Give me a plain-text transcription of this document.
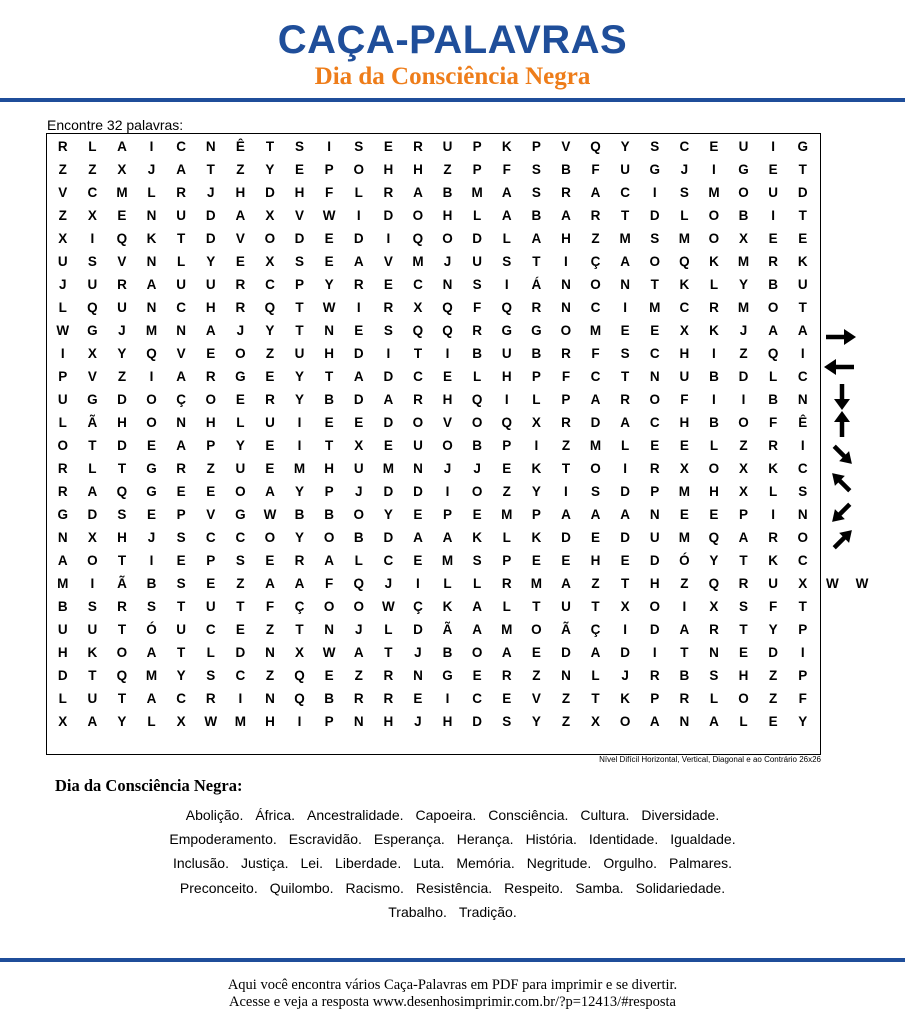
CAÇA-PALAVRAS
Dia da Consciência Negra
Encontre 32 palavras:
R	L	A	I	C	N	Ê	T	S	I	S	E	R	U	P	K	P	V	Q	Y	S	C	E	U	I	G
Z	Z	X	J	A	T	Z	Y	E	P	O	H	H	Z	P	F	S	B	F	U	G	J	I	G	E	T
V	C	M	L	R	J	H	D	H	F	L	R	A	B	M	A	S	R	A	C	I	S	M	O	U	D
Z	X	E	N	U	D	A	X	V	W	I	D	O	H	L	A	B	A	R	T	D	L	O	B	I	T
X	I	Q	K	T	D	V	O	D	E	D	I	Q	O	D	L	A	H	Z	M	S	M	O	X	E	E
U	S	V	N	L	Y	E	X	S	E	A	V	M	J	U	S	T	I	Ç	A	O	Q	K	M	R	K
J	U	R	A	U	U	R	C	P	Y	R	E	C	N	S	I	Á	N	O	N	T	K	L	Y	B	U
L	Q	U	N	C	H	R	Q	T	W	I	R	X	Q	F	Q	R	N	C	I	M	C	R	M	O	T
W	G	J	M	N	A	J	Y	T	N	E	S	Q	Q	R	G	G	O	M	E	E	X	K	J	A	A
I	X	Y	Q	V	E	O	Z	U	H	D	I	T	I	B	U	B	R	F	S	C	H	I	Z	Q	I
P	V	Z	I	A	R	G	E	Y	T	A	D	C	E	L	H	P	F	C	T	N	U	B	D	L	C
U	G	D	O	Ç	O	E	R	Y	B	D	A	R	H	Q	I	L	P	A	R	O	F	I	I	B	N
L	Ã	H	O	N	H	L	U	I	E	E	D	O	V	O	Q	X	R	D	A	C	H	B	O	F	Ê
O	T	D	E	A	P	Y	E	I	T	X	E	U	O	B	P	I	Z	M	L	E	E	L	Z	R	I
R	L	T	G	R	Z	U	E	M	H	U	M	N	J	J	E	K	T	O	I	R	X	O	X	K	C
R	A	Q	G	E	E	O	A	Y	P	J	D	D	I	O	Z	Y	I	S	D	P	M	H	X	L	S
G	D	S	E	P	V	G	W	B	B	O	Y	E	P	E	M	P	A	A	A	N	E	E	P	I	N
N	X	H	J	S	C	C	O	Y	O	B	D	A	A	K	L	K	D	E	D	U	M	Q	A	R	O
A	O	T	I	E	P	S	E	R	A	L	C	E	M	S	P	E	E	H	E	D	Ó	Y	T	K	C
M	I	Ã	B	S	E	Z	A	A	F	Q	J	I	L	L	R	M	A	Z	T	H	Z	Q	R	U	X	W	W
B	S	R	S	T	U	T	F	Ç	O	O	W	Ç	K	A	L	T	U	T	X	O	I	X	S	F	T
U	U	T	Ó	U	C	E	Z	T	N	J	L	D	Ã	A	M	O	Ã	Ç	I	D	A	R	T	Y	P
H	K	O	A	T	L	D	N	X	W	A	T	J	B	O	A	E	D	A	D	I	T	N	E	D	I
D	T	Q	M	Y	S	C	Z	Q	E	Z	R	N	G	E	R	Z	N	L	J	R	B	S	H	Z	P
L	U	T	A	C	R	I	N	Q	B	R	R	E	I	C	E	V	Z	T	K	P	R	L	O	Z	F
X	A	Y	L	X	W	M	H	I	P	N	H	J	H	D	S	Y	Z	X	O	A	N	A	L	E	Y
Nível Difícil Horizontal, Vertical, Diagonal e ao Contrário 26x26
Dia da Consciência Negra:
Abolição. África. Ancestralidade. Capoeira. Consciência. Cultura. Diversidade.
Empoderamento. Escravidão. Esperança. Herança. História. Identidade. Igualdade.
Inclusão. Justiça. Lei. Liberdade. Luta. Memória. Negritude. Orgulho. Palmares.
Preconceito. Quilombo. Racismo. Resistência. Respeito. Samba. Solidariedade.
Trabalho. Tradição.
Aqui você encontra vários Caça-Palavras em PDF para imprimir e se divertir.
Acesse e veja a resposta www.desenhosimprimir.com.br/?p=12413/#resposta
